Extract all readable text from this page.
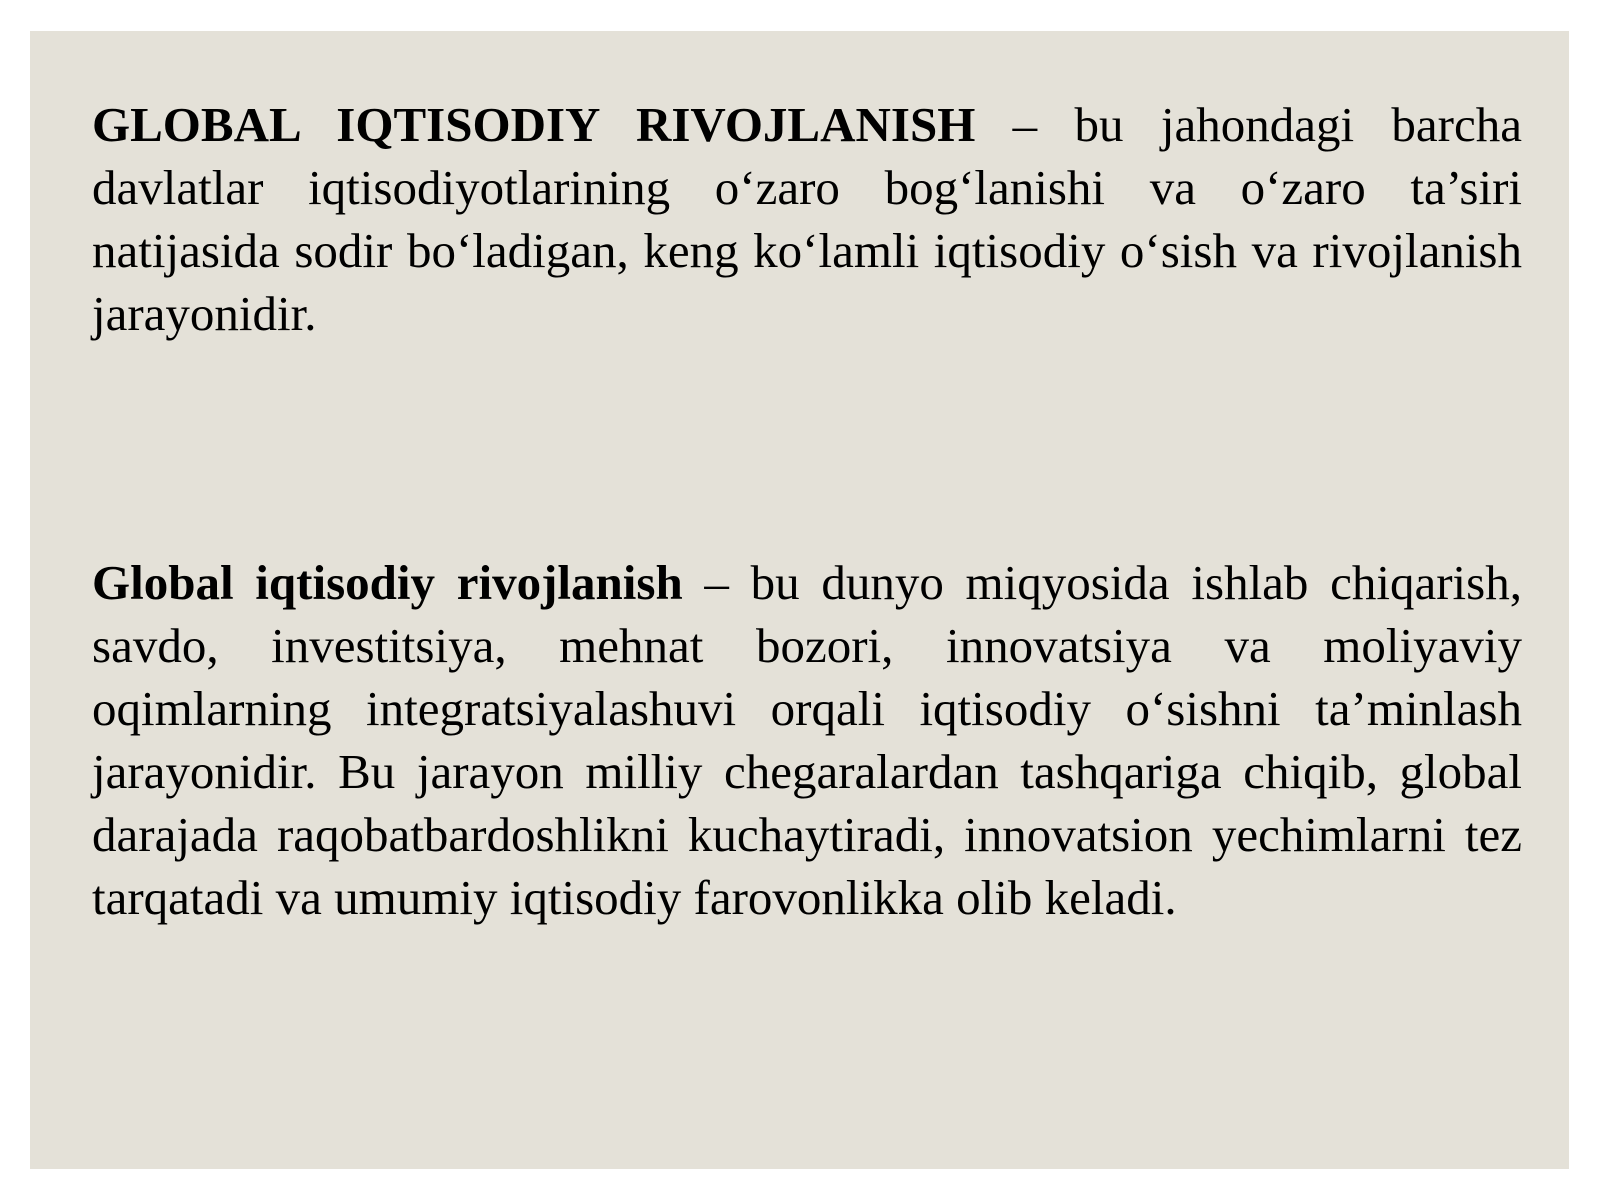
GLOBAL IQTISODIY RIVOJLANISH – bu jahondagi barcha davlatlar iqtisodiyotlarining o‘zaro bog‘lanishi va o‘zaro ta’siri natijasida sodir bo‘ladigan, keng ko‘lamli iqtisodiy o‘sish va rivojlanish jarayonidir.

Global iqtisodiy rivojlanish – bu dunyo miqyosida ishlab chiqarish, savdo, investitsiya, mehnat bozori, innovatsiya va moliyaviy oqimlarning integratsiyalashuvi orqali iqtisodiy o‘sishni ta’minlash jarayonidir. Bu jarayon milliy chegaralardan tashqariga chiqib, global darajada raqobatbardoshlikni kuchaytiradi, innovatsion yechimlarni tez tarqatadi va umumiy iqtisodiy farovonlikka olib keladi.
